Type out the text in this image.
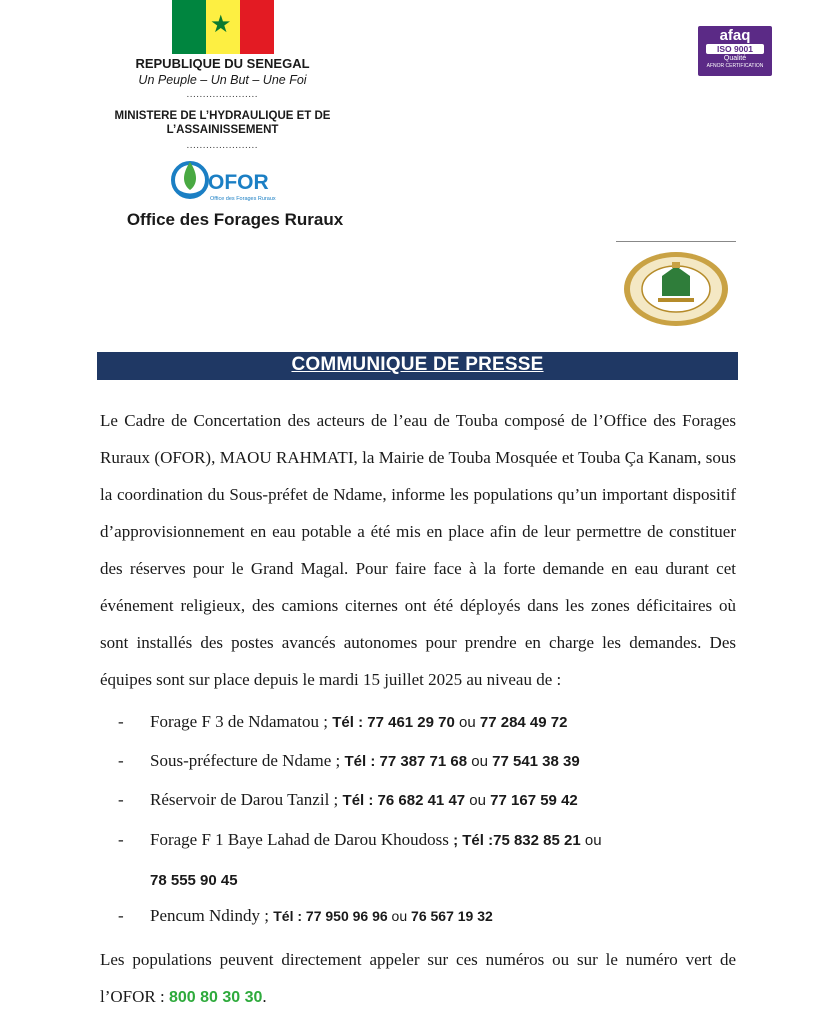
★
REPUBLIQUE DU SENEGAL
Un Peuple – Un But – Une Foi
......................
MINISTERE DE L’HYDRAULIQUE ET DE
L’ASSAINISSEMENT
......................
OFOR
Office des Forages Ruraux
Office des Forages Ruraux
afaq
ISO 9001
Qualité
AFNOR CERTIFICATION
COMMUNIQUE DE PRESSE
Le Cadre de Concertation des acteurs de l’eau de Touba composé de l’Office des Forages Ruraux (OFOR), MAOU RAHMATI, la Mairie de Touba Mosquée et Touba Ça Kanam, sous la coordination du Sous-préfet de Ndame, informe les populations qu’un important dispositif d’approvisionnement en eau potable a été mis en place afin de leur permettre de constituer des réserves pour le Grand Magal. Pour faire face à la forte demande en eau durant cet événement religieux, des camions citernes ont été déployés dans les zones déficitaires où sont installés des postes avancés autonomes pour prendre en charge les demandes. Des équipes sont sur place depuis le mardi 15 juillet 2025 au niveau de :
- Forage F 3 de Ndamatou ; Tél : 77 461 29 70 ou 77 284 49 72
- Sous-préfecture de Ndame ; Tél : 77 387 71 68 ou 77 541 38 39
- Réservoir de Darou Tanzil ; Tél : 76 682 41 47 ou 77 167 59 42
- Forage F 1 Baye Lahad de Darou Khoudoss ; Tél :75 832 85 21 ou
78 555 90 45
- Pencum Ndindy ; Tél : 77 950 96 96 ou 76 567 19 32
Les populations peuvent directement appeler sur ces numéros ou sur le numéro vert de l’OFOR : 800 80 30 30.
